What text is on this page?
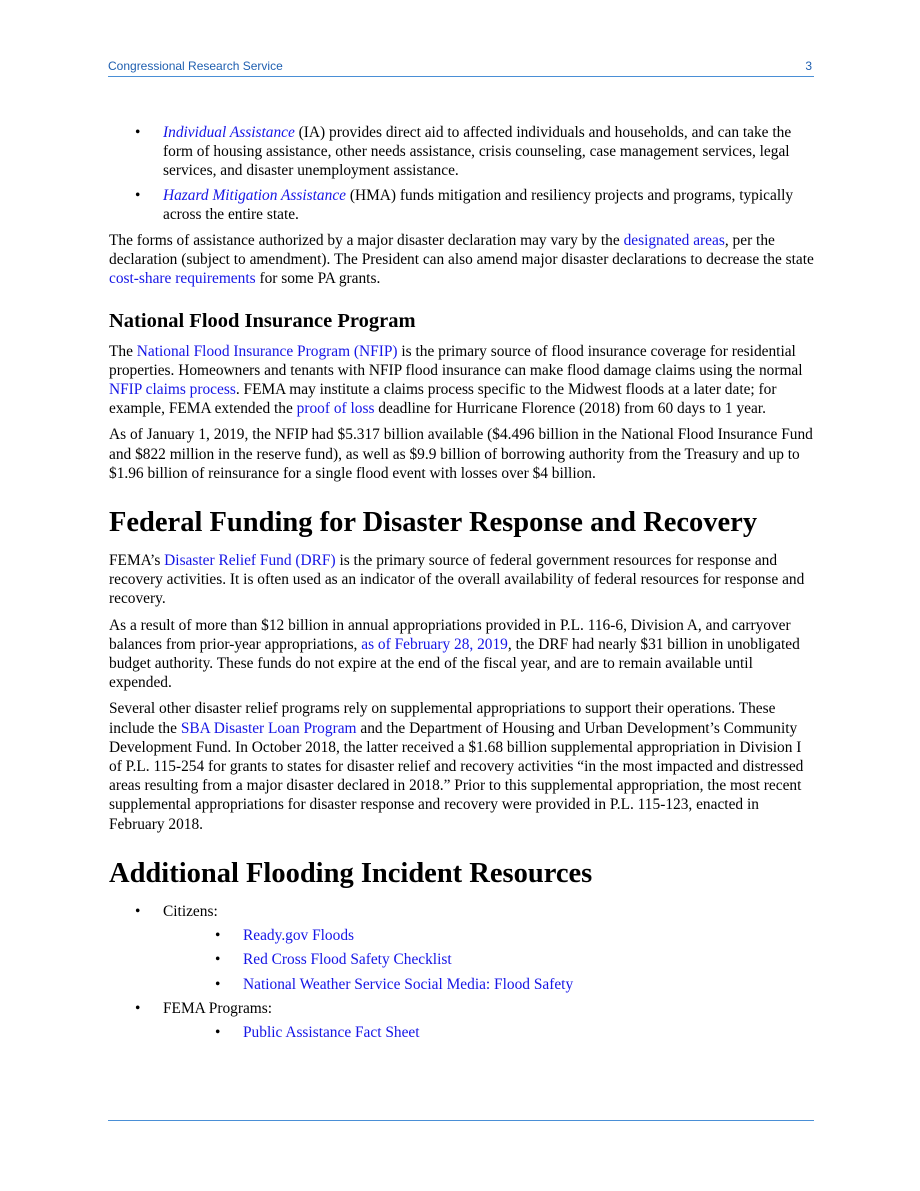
Congressional Research Service	3
• Individual Assistance (IA) provides direct aid to affected individuals and households, and can take the form of housing assistance, other needs assistance, crisis counseling, case management services, legal services, and disaster unemployment assistance.
• Hazard Mitigation Assistance (HMA) funds mitigation and resiliency projects and programs, typically across the entire state.

The forms of assistance authorized by a major disaster declaration may vary by the designated areas, per the declaration (subject to amendment). The President can also amend major disaster declarations to decrease the state cost-share requirements for some PA grants.

National Flood Insurance Program

The National Flood Insurance Program (NFIP) is the primary source of flood insurance coverage for residential properties. Homeowners and tenants with NFIP flood insurance can make flood damage claims using the normal NFIP claims process. FEMA may institute a claims process specific to the Midwest floods at a later date; for example, FEMA extended the proof of loss deadline for Hurricane Florence (2018) from 60 days to 1 year.

As of January 1, 2019, the NFIP had $5.317 billion available ($4.496 billion in the National Flood Insurance Fund and $822 million in the reserve fund), as well as $9.9 billion of borrowing authority from the Treasury and up to $1.96 billion of reinsurance for a single flood event with losses over $4 billion.

Federal Funding for Disaster Response and Recovery

FEMA’s Disaster Relief Fund (DRF) is the primary source of federal government resources for response and recovery activities. It is often used as an indicator of the overall availability of federal resources for response and recovery.

As a result of more than $12 billion in annual appropriations provided in P.L. 116-6, Division A, and carryover balances from prior-year appropriations, as of February 28, 2019, the DRF had nearly $31 billion in unobligated budget authority. These funds do not expire at the end of the fiscal year, and are to remain available until expended.

Several other disaster relief programs rely on supplemental appropriations to support their operations. These include the SBA Disaster Loan Program and the Department of Housing and Urban Development’s Community Development Fund. In October 2018, the latter received a $1.68 billion supplemental appropriation in Division I of P.L. 115-254 for grants to states for disaster relief and recovery activities “in the most impacted and distressed areas resulting from a major disaster declared in 2018.” Prior to this supplemental appropriation, the most recent supplemental appropriations for disaster response and recovery were provided in P.L. 115-123, enacted in February 2018.

Additional Flooding Incident Resources
• Citizens:
• Ready.gov Floods
• Red Cross Flood Safety Checklist
• National Weather Service Social Media: Flood Safety
• FEMA Programs:
• Public Assistance Fact Sheet
